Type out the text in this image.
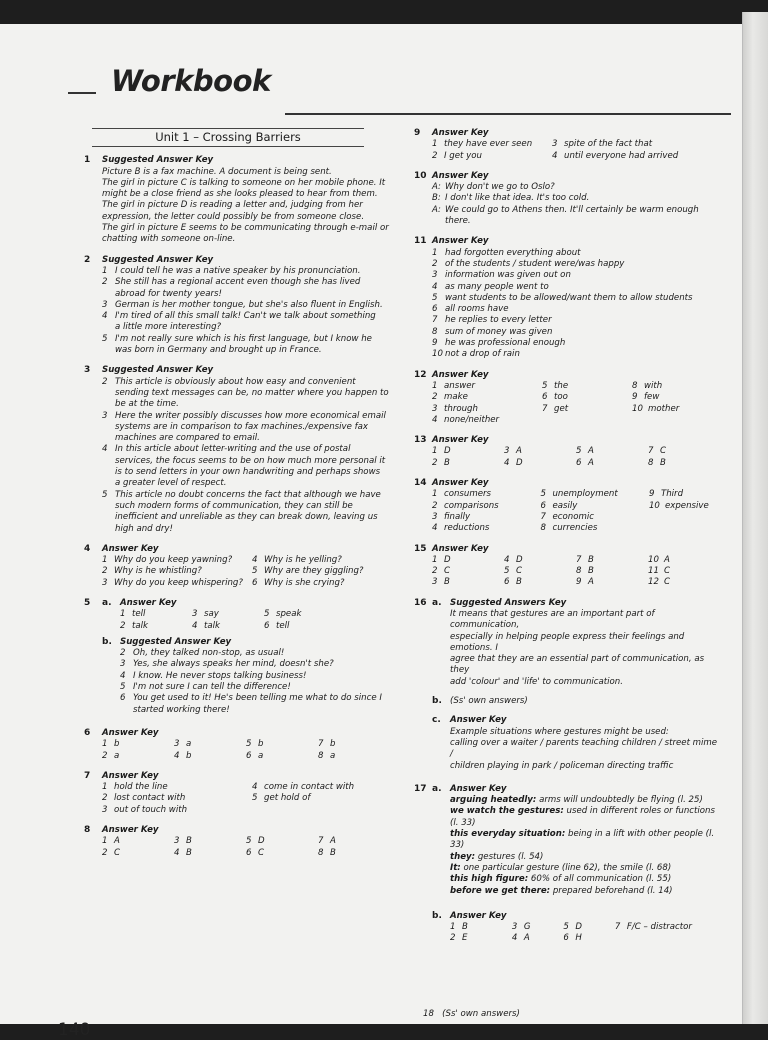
Workbook
Unit 1 – Crossing Barriers
1 Suggested Answer Key
Picture B is a fax machine. A document is being sent.
The girl in picture C is talking to someone on her mobile phone. It
might be a close friend as she looks pleased to hear from them.
The girl in picture D is reading a letter and, judging from her
expression, the letter could possibly be from someone close.
The girl in picture E seems to be communicating through e-mail or
chatting with someone on-line.
2 Suggested Answer Key
1 I could tell he was a native speaker by his pronunciation.
2 She still has a regional accent even though she has lived
abroad for twenty years!
3 German is her mother tongue, but she's also fluent in English.
4 I'm tired of all this small talk! Can't we talk about something
a little more interesting?
5 I'm not really sure which is his first language, but I know he
was born in Germany and brought up in France.
3 Suggested Answer Key
2 This article is obviously about how easy and convenient
sending text messages can be, no matter where you happen to
be at the time.
3 Here the writer possibly discusses how more economical email
systems are in comparison to fax machines./expensive fax
machines are compared to email.
4 In this article about letter-writing and the use of postal
services, the focus seems to be on how much more personal it
is to send letters in your own handwriting and perhaps shows
a greater level of respect.
5 This article no doubt concerns the fact that although we have
such modern forms of communication, they can still be
inefficient and unreliable as they can break down, leaving us
high and dry!
4 Answer Key
1 Why do you keep yawning? 4 Why is he yelling?
2 Why is he whistling?	5 Why are they giggling?
3 Why do you keep whispering? 6 Why is she crying?
5 a. Answer Key
1 tell	3 say	5 speak
2 talk	4 talk	6 tell
b. Suggested Answer Key
2 Oh, they talked non-stop, as usual!
3 Yes, she always speaks her mind, doesn't she?
4 I know. He never stops talking business!
5 I'm not sure I can tell the difference!
6 You get used to it! He's been telling me what to do since I
started working there!
6 Answer Key
1 b	3 a	5 b	7 b
2 a	4 b	6 a	8 a
7 Answer Key
1 hold the line	4 come in contact with
2 lost contact with	5 get hold of
3 out of touch with
8 Answer Key
1 A	3 B	5 D	7 A
2 C	4 B	6 C	8 B
9 Answer Key
1 they have ever seen 3 spite of the fact that
2 I get you	4 until everyone had arrived
10 Answer Key
A: Why don't we go to Oslo?
B: I don't like that idea. It's too cold.
A: We could go to Athens then. It'll certainly be warm enough there.
11 Answer Key
1 had forgotten everything about
2 of the students / student were/was happy
3 information was given out on
4 as many people went to
5 want students to be allowed/want them to allow students
6 all rooms have
7 he replies to every letter
8 sum of money was given
9 he was professional enough
10 not a drop of rain
12 Answer Key
1 answer	5 the	8 with
2 make	6 too	9 few
3 through	7 get	10 mother
4 none/neither
13 Answer Key
1 D	3 A	5 A	7 C
2 B	4 D	6 A	8 B
14 Answer Key
1 consumers	5 unemployment	9 Third
2 comparisons	6 easily	10 expensive
3 finally	7 economic
4 reductions	8 currencies
15 Answer Key
1 D	4 D	7 B	10 A
2 C	5 C	8 B	11 C
3 B	6 B	9 A	12 C
16 a. Suggested Answers Key
It means that gestures are an important part of communication,
especially in helping people express their feelings and emotions. I
agree that they are an essential part of communication, as they
add 'colour' and 'life' to communication.
b. (Ss' own answers)
c. Answer Key
Example situations where gestures might be used:
calling over a waiter / parents teaching children / street mime /
children playing in park / policeman directing traffic
17 a. Answer Key
arguing heatedly: arms will undoubtedly be flying (l. 25)
we watch the gestures: used in different roles or functions (l. 33)
this everyday situation: being in a lift with other people (l. 33)
they: gestures (l. 54)
It: one particular gesture (line 62), the smile (l. 68)
this high figure: 60% of all communication (l. 55)
before we get there: prepared beforehand (l. 14)
b. Answer Key
1 B	3 G	5 D	7 F/C – distractor
2 E	4 A	6 H
18 (Ss' own answers)
140
